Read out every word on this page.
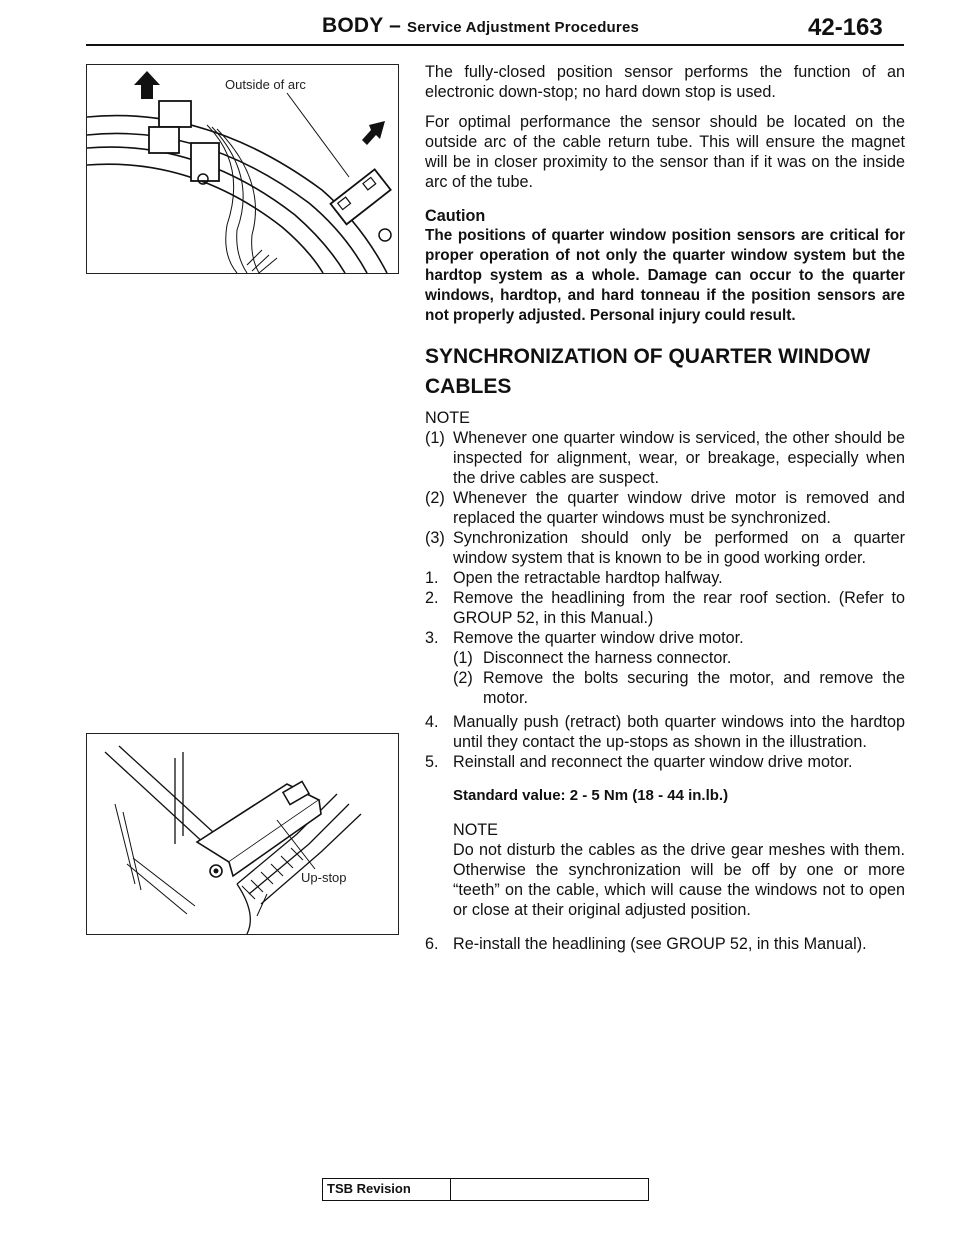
BODY – Service Adjustment Procedures	42-163
Outside of arc
Up-stop

The fully-closed position sensor performs the function of an electronic down-stop; no hard down stop is used.

For optimal performance the sensor should be located on the outside arc of the cable return tube. This will ensure the magnet will be in closer proximity to the sensor than if it was on the inside arc of the tube.

Caution

The positions of quarter window position sensors are critical for proper operation of not only the quarter window system but the hardtop system as a whole. Damage can occur to the quarter windows, hardtop, and hard tonneau if the position sensors are not properly adjusted. Personal injury could result.

SYNCHRONIZATION OF QUARTER WINDOW
CABLES

NOTE

(1) Whenever one quarter window is serviced, the other should be inspected for alignment, wear, or breakage, especially when the drive cables are suspect.
(2) Whenever the quarter window drive motor is removed and replaced the quarter windows must be synchronized.
(3) Synchronization should only be performed on a quarter window system that is known to be in good working order.
1. Open the retractable hardtop halfway.
2. Remove the headlining from the rear roof section. (Refer to GROUP 52, in this Manual.)
3. Remove the quarter window drive motor.
(1) Disconnect the harness connector.
(2) Remove the bolts securing the motor, and remove the motor.
4. Manually push (retract) both quarter windows into the hardtop until they contact the up-stops as shown in the illustration.
5. Reinstall and reconnect the quarter window drive motor.

Standard value: 2 - 5 Nm (18 - 44 in.lb.)

NOTE

Do not disturb the cables as the drive gear meshes with them. Otherwise the synchronization will be off by one or more “teeth” on the cable, which will cause the windows not to open or close at their original adjusted position.

6. Re-install the headlining (see GROUP 52, in this Manual).
TSB Revision
